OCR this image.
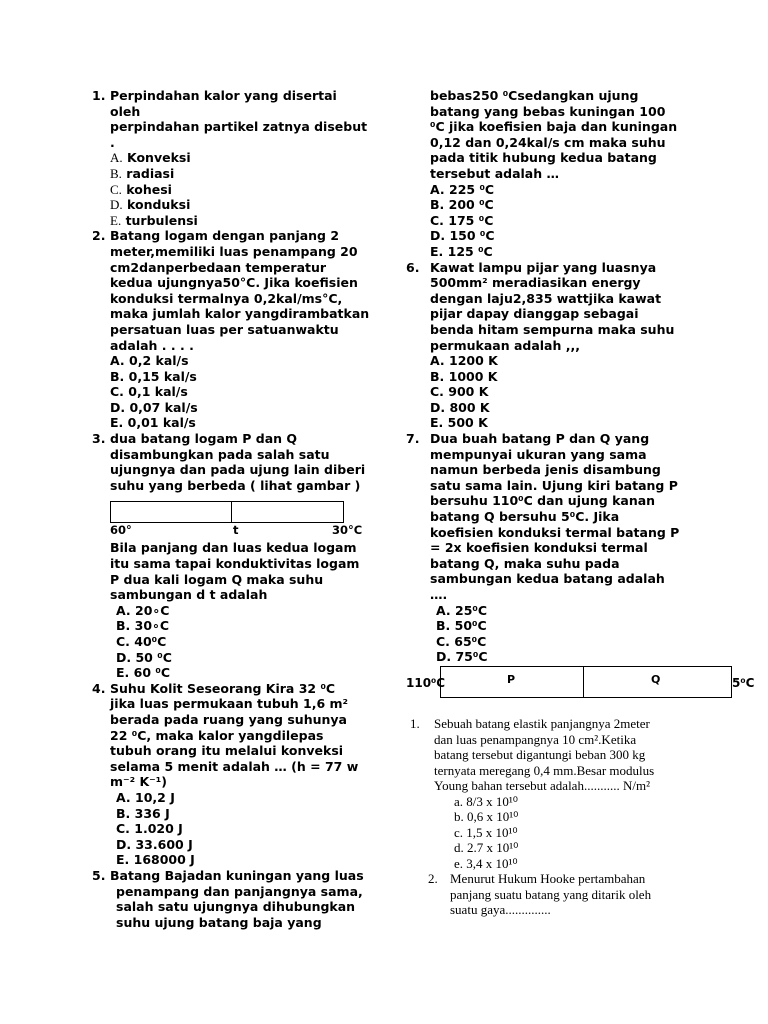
1. Perpindahan kalor yang disertai
oleh
perpindahan partikel zatnya disebut
.
A. Konveksi
B. radiasi
C. kohesi
D. konduksi
E. turbulensi
2. Batang logam dengan panjang 2
meter,memiliki luas penampang 20
cm2danperbedaan temperatur
kedua ujungnya50°C. Jika koefisien
konduksi termalnya 0,2kal/ms°C,
maka jumlah kalor yangdirambatkan
persatuan luas per satuanwaktu
adalah . . . .
A. 0,2 kal/s
B. 0,15 kal/s
C. 0,1 kal/s
D. 0,07 kal/s
E. 0,01 kal/s
3. dua batang logam P dan Q
disambungkan pada salah satu
ujungnya dan pada ujung lain diberi
suhu yang berbeda ( lihat gambar )
60°	t	30°C
Bila panjang dan luas kedua logam
itu sama tapai konduktivitas logam
P dua kali logam Q maka suhu
sambungan d t adalah
A. 20∘C
B. 30∘C
C. 40⁰C
D. 50 ⁰C
E. 60 ⁰C
4. Suhu Kolit Seseorang Kira 32 ⁰C
jika luas permukaan tubuh 1,6 m²
berada pada ruang yang suhunya
22 ⁰C, maka kalor yangdilepas
tubuh orang itu melalui konveksi
selama 5 menit adalah … (h = 77 w
m⁻² K⁻¹)
A. 10,2 J
B. 336 J
C. 1.020 J
D. 33.600 J
E. 168000 J
5. Batang Bajadan kuningan yang luas
penampang dan panjangnya sama,
salah satu ujungnya dihubungkan
suhu ujung batang baja yang
bebas250 ⁰Csedangkan ujung
batang yang bebas kuningan 100
⁰C jika koefisien baja dan kuningan
0,12 dan 0,24kal/s cm maka suhu
pada titik hubung kedua batang
tersebut adalah …
A. 225 ⁰C
B. 200 ⁰C
C. 175 ⁰C
D. 150 ⁰C
E. 125 ⁰C
6. Kawat lampu pijar yang luasnya
500mm² meradiasikan energy
dengan laju2,835 wattjika kawat
pijar dapay dianggap sebagai
benda hitam sempurna maka suhu
permukaan adalah ,,,
A. 1200 K
B. 1000 K
C. 900 K
D. 800 K
E. 500 K
7. Dua buah batang P dan Q yang
mempunyai ukuran yang sama
namun berbeda jenis disambung
satu sama lain. Ujung kiri batang P
bersuhu 110⁰C dan ujung kanan
batang Q bersuhu 5⁰C. Jika
koefisien konduksi termal batang P
= 2x koefisien konduksi termal
batang Q, maka suhu pada
sambungan kedua batang adalah
….
A. 25⁰C
B. 50⁰C
C. 65⁰C
D. 75⁰C
110⁰C	P	Q	5⁰C
1.	Sebuah batang elastik panjangnya 2meter
dan luas penampangnya 10 cm².Ketika
batang tersebut digantungi beban 300 kg
ternyata meregang 0,4 mm.Besar modulus
Young bahan tersebut adalah........... N/m²
a. 8/3 x 10¹⁰
b. 0,6 x 10¹⁰
c. 1,5 x 10¹⁰
d. 2.7 x 10¹⁰
e. 3,4 x 10¹⁰
2. Menurut Hukum Hooke pertambahan
panjang suatu batang yang ditarik oleh
suatu gaya..............
